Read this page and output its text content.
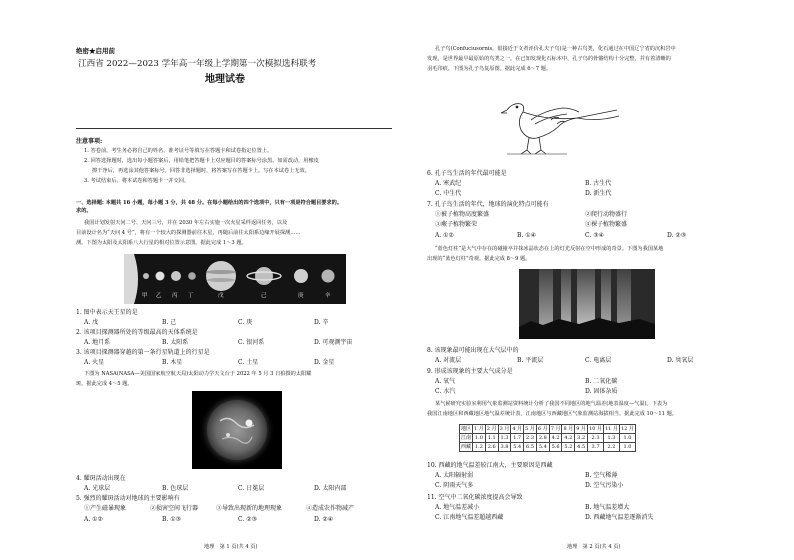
绝密★启用前
江西省 2022—2023 学年高一年级上学期第一次模拟选科联考
地理试卷
注意事项:
1. 答卷前，考生务必将自己的姓名、准考证号等填写在答题卡和试卷指定位置上。
2. 回答选择题时，选出每小题答案后，用铅笔把答题卡上对应题目的答案标号涂黑。如需改动，用橡皮
擦干净后，再选涂其他答案标号。回答非选择题时，将答案写在答题卡上。写在本试卷上无效。
3. 考试结束后，将本试卷和答题卡一并交回。
一、选择题: 本题共 16 小题，每小题 3 分，共 48 分。在每小题给出的四个选项中，只有一项是符合题目要求的。
求的。
我国计划发射天问二号、天问三号，并在 2030 年左右实施一次火星采样返回任务，以及
目前设计名为“天问 4 号”，将有一个较大的探测器前往木星，再随后前往太阳系边缘开展探测……
测。下图为太阳及太阳系八大行星的相对位置示意图。据此完成 1～3 题。
甲 乙 丙 丁	戊	己	庚	辛
1. 图中表示天王星的是
A. 戊	B. 己	C. 庚	D. 辛
2. 该项目探测器所处的等级最高的天体系统是
A. 地月系	B. 太阳系	C. 银河系	D. 可观测宇宙
3. 该项目探测器穿越的第一条行星轨道上的行星是
A. 火星	B. 木星	C. 土星	D. 金星
下图为 NASA(NASA—美国国家航空航天局)太阳动力学天文台于 2022 年 5 月 3 日拍摄的太阳耀
斑。据此完成 4～5 题。
4. 耀斑活动出现在
A. 光球层	B. 色球层	C. 日冕层	D. 太阳内部
5. 强烈的耀斑活动对地球的主要影响有
①产生磁暴现象	②损害空间飞行器	③导致出现新的地理现象	④造成农作物减产
A. ①②	B. ①③	C. ②③	D. ②④
地理　第 1 页(共 4 页)
孔子鸟(Confuciusornis，很接近于文者评价孔夫子鸟)是一种古鸟类，化石通过在中国辽宁省的沉积岩中
发现，是世界最早最原始的鸟类之一。在已知发现化石标本中，孔子鸟的骨骼结构十分完整，并有着清晰的
羽毛印痕。下图为孔子鸟复原图。据此完成 6～7 题。
6. 孔子鸟生活的年代最可能是
A. 寒武纪	B. 古生代
C. 中生代	D. 新生代
7. 孔子鸟生活的年代，地球的演化特点可能有
①被子植物高度繁盛	②爬行动物盛行
③蕨子植物繁荣	④裸子植物繁盛
A. ①②	B. ①④	C. ③④	D. ②③
“蓝色灯柱”是大气中存在的碰撞卒并抹冰晶状态在上的灯光反射在空中形成的奇景。下图为我国某地
出现的“蓝色灯柱”奇观。据此完成 8～9 题。
8. 该现象最可能出现在大气层中的
A. 对流层	B. 平流层	C. 电离层	D. 臭氧层
9. 形成该现象的主要大气成分是
A. 氧气	B. 二氧化碳
C. 水汽	D. 固体杂质
某气候研究实验室利用气象监测站资料统计分析了我国不同地区的地气温差(地表温度—气温)。下表为
我国江南地区和西藏地区地气温差统计表，江南地区与西藏地区气象监测站海拔相当。据此完成 10～11 题。
地区	1 月	2 月	3 月	4 月	5 月	6 月	7 月	8 月	9 月	10 月	11 月	12 月
江南	1.0	1.1	1.3	1.7	2.3	2.8	4.2	4.2	3.2	2.3	1.3	1.0
西藏	1.2	2.6	3.8	5.4	6.5	5.4	5.6	5.2	4.5	3.7	2.2	1.0
10. 西藏的地气温差较江南大，主要原因是西藏
A. 太阳辐射弱	B. 空气稀薄
C. 阴雨天气多	D. 空气污染小
11. 空气中二氧化碳浓度提高会导致
A. 地气温差减小	B. 地气温差增大
C. 江南地气温差超越西藏	D. 西藏地气温差逐渐消失
地理　第 2 页(共 4 页)
